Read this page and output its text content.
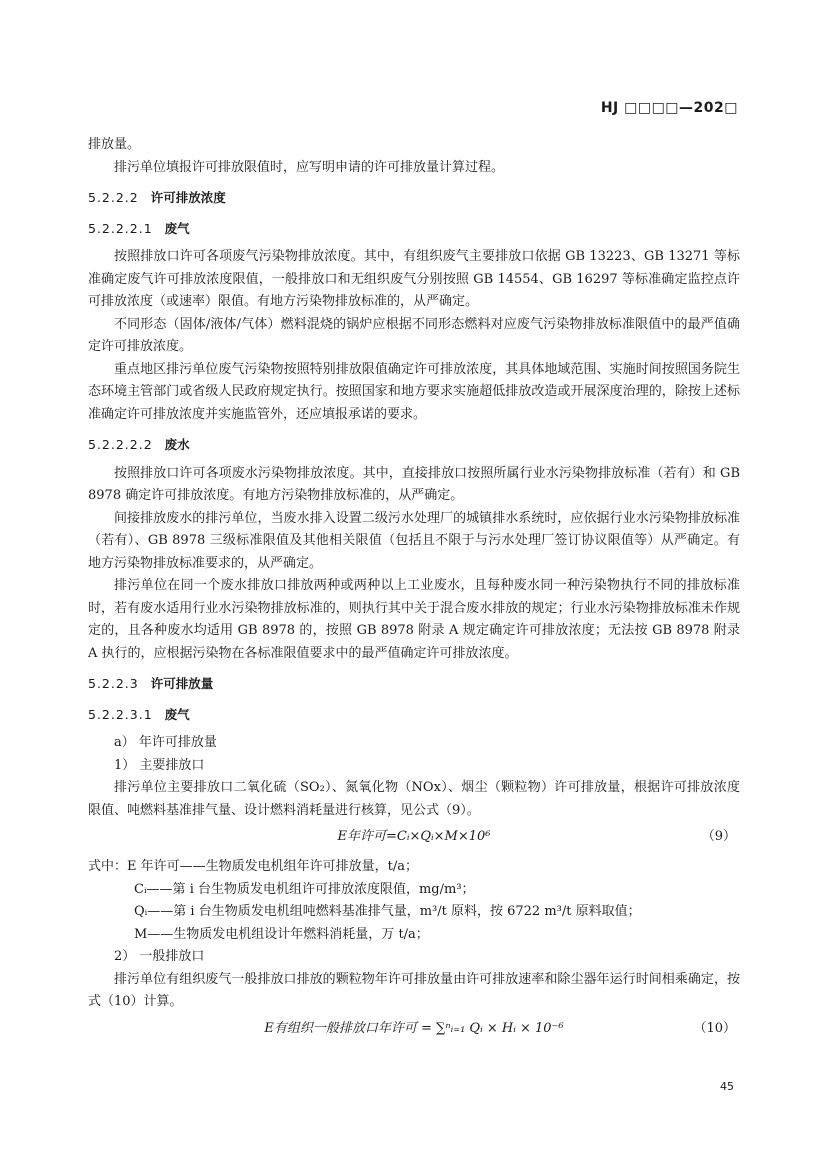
HJ □□□□—202□

排放量。

排污单位填报许可排放限值时，应写明申请的许可排放量计算过程。

5.2.2.2 许可排放浓度
5.2.2.2.1 废气

按照排放口许可各项废气污染物排放浓度。其中，有组织废气主要排放口依据 GB 13223、GB 13271 等标准确定废气许可排放浓度限值，一般排放口和无组织废气分别按照 GB 14554、GB 16297 等标准确定监控点许可排放浓度（或速率）限值。有地方污染物排放标准的，从严确定。

不同形态（固体/液体/气体）燃料混烧的锅炉应根据不同形态燃料对应废气污染物排放标准限值中的最严值确定许可排放浓度。

重点地区排污单位废气污染物按照特别排放限值确定许可排放浓度，其具体地域范围、实施时间按照国务院生态环境主管部门或省级人民政府规定执行。按照国家和地方要求实施超低排放改造或开展深度治理的，除按上述标准确定许可排放浓度并实施监管外，还应填报承诺的要求。

5.2.2.2.2 废水

按照排放口许可各项废水污染物排放浓度。其中，直接排放口按照所属行业水污染物排放标准（若有）和 GB 8978 确定许可排放浓度。有地方污染物排放标准的，从严确定。

间接排放废水的排污单位，当废水排入设置二级污水处理厂的城镇排水系统时，应依据行业水污染物排放标准（若有）、GB 8978 三级标准限值及其他相关限值（包括且不限于与污水处理厂签订协议限值等）从严确定。有地方污染物排放标准要求的，从严确定。

排污单位在同一个废水排放口排放两种或两种以上工业废水，且每种废水同一种污染物执行不同的排放标准时，若有废水适用行业水污染物排放标准的，则执行其中关于混合废水排放的规定；行业水污染物排放标准未作规定的，且各种废水均适用 GB 8978 的，按照 GB 8978 附录 A 规定确定许可排放浓度；无法按 GB 8978 附录 A 执行的，应根据污染物在各标准限值要求中的最严值确定许可排放浓度。

5.2.2.3 许可排放量
5.2.2.3.1 废气

a） 年许可排放量

1） 主要排放口

排污单位主要排放口二氧化硫（SO₂）、氮氧化物（NOx）、烟尘（颗粒物）许可排放量，根据许可排放浓度限值、吨燃料基准排气量、设计燃料消耗量进行核算，见公式（9）。

E年许可=Cᵢ×Qᵢ×M×10⁶	（9）

式中：E 年许可——生物质发电机组年许可排放量，t/a；

Cᵢ——第 i 台生物质发电机组许可排放浓度限值，mg/m³；

Qᵢ——第 i 台生物质发电机组吨燃料基准排气量，m³/t 原料，按 6722 m³/t 原料取值；

M——生物质发电机组设计年燃料消耗量，万 t/a；

2） 一般排放口

排污单位有组织废气一般排放口排放的颗粒物年许可排放量由许可排放速率和除尘器年运行时间相乘确定，按式（10）计算。

E有组织一般排放口年许可 = ∑ⁿᵢ₌₁ Qᵢ × Hᵢ × 10⁻⁶	（10）
45
